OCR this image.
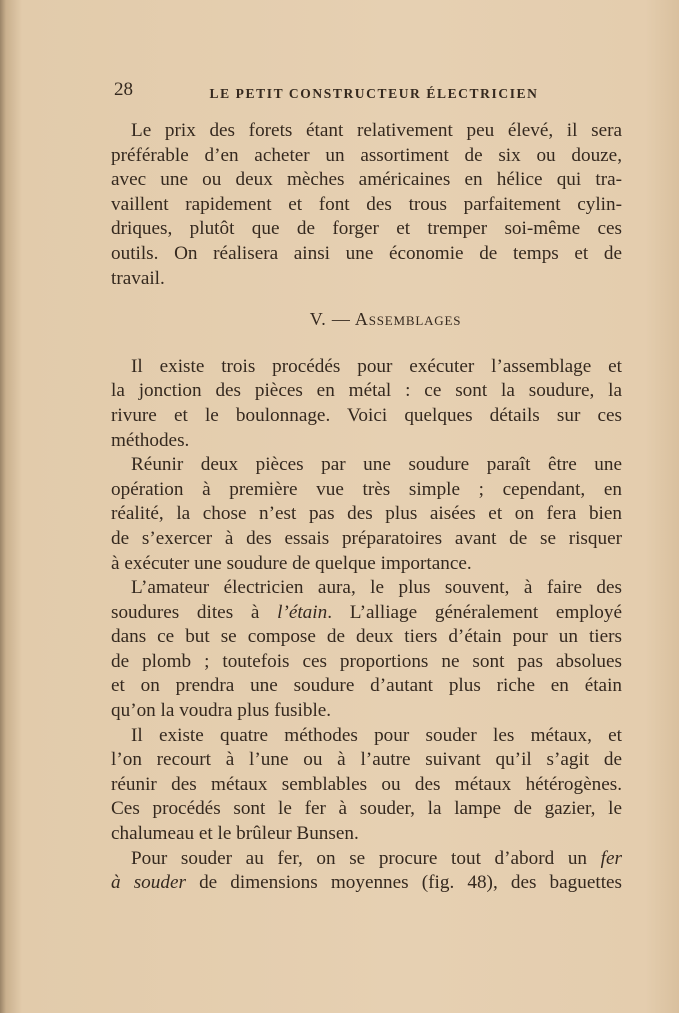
28	LE PETIT CONSTRUCTEUR ÉLECTRICIEN
Le prix des forets étant relativement peu élevé, il sera
préférable d’en acheter un assortiment de six ou douze,
avec une ou deux mèches américaines en hélice qui tra-
vaillent rapidement et font des trous parfaitement cylin-
driques, plutôt que de forger et tremper soi-même ces
outils. On réalisera ainsi une économie de temps et de
travail.
V. — Assemblages
Il existe trois procédés pour exécuter l’assemblage et
la jonction des pièces en métal : ce sont la soudure, la
rivure et le boulonnage. Voici quelques détails sur ces
méthodes.
Réunir deux pièces par une soudure paraît être une
opération à première vue très simple ; cependant, en
réalité, la chose n’est pas des plus aisées et on fera bien
de s’exercer à des essais préparatoires avant de se risquer
à exécuter une soudure de quelque importance.
L’amateur électricien aura, le plus souvent, à faire des
soudures dites à l’étain. L’alliage généralement employé
dans ce but se compose de deux tiers d’étain pour un tiers
de plomb ; toutefois ces proportions ne sont pas absolues
et on prendra une soudure d’autant plus riche en étain
qu’on la voudra plus fusible.
Il existe quatre méthodes pour souder les métaux, et
l’on recourt à l’une ou à l’autre suivant qu’il s’agit de
réunir des métaux semblables ou des métaux hétérogènes.
Ces procédés sont le fer à souder, la lampe de gazier, le
chalumeau et le brûleur Bunsen.
Pour souder au fer, on se procure tout d’abord un fer
à souder de dimensions moyennes (fig. 48), des baguettes
